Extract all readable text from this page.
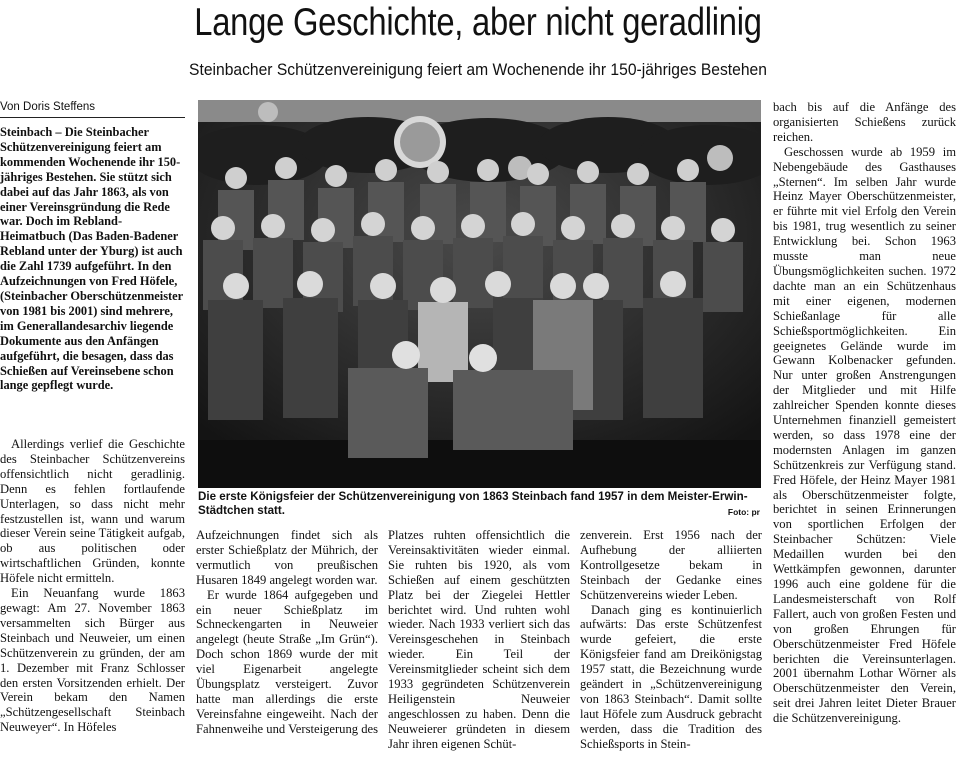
Lange Geschichte, aber nicht geradlinig
Steinbacher Schützenvereinigung feiert am Wochenende ihr 150-jähriges Bestehen
Von Doris Steffens
Steinbach – Die Steinbacher Schützenvereinigung feiert am kommenden Wochenende ihr 150-jähriges Bestehen. Sie stützt sich dabei auf das Jahr 1863, als von einer Vereinsgründung die Rede war. Doch im Rebland-Heimatbuch (Das Baden-Badener Rebland unter der Yburg) ist auch die Zahl 1739 aufgeführt. In den Aufzeichnungen von Fred Höfele, (Steinbacher Oberschützenmeister von 1981 bis 2001) sind mehrere, im Generallandesarchiv liegende Dokumente aus den Anfängen aufgeführt, die besagen, dass das Schießen auf Vereinsebene schon lange gepflegt wurde.

Allerdings verlief die Geschichte des Steinbacher Schützenvereins offensichtlich nicht geradlinig. Denn es fehlen fortlaufende Unterlagen, so dass nicht mehr festzustellen ist, wann und warum dieser Verein seine Tätigkeit aufgab, ob aus politischen oder wirtschaftlichen Gründen, konnte Höfele nicht ermitteln.

Ein Neuanfang wurde 1863 gewagt: Am 27. November 1863 versammelten sich Bürger aus Steinbach und Neuweier, um einen Schützenverein zu gründen, der am 1. Dezember mit Franz Schlosser den ersten Vorsitzenden erhielt. Der Verein bekam den Namen „Schützengesellschaft Steinbach Neuweyer“. In Höfeles

Die erste Königsfeier der Schützenvereinigung von 1863 Steinbach fand 1957 in dem Meister-Erwin-Städtchen statt.	Foto: pr

Aufzeichnungen findet sich als erster Schießplatz der Mührich, der vermutlich von preußischen Husaren 1849 angelegt worden war.

Er wurde 1864 aufgegeben und ein neuer Schießplatz im Schneckengarten in Neuweier angelegt (heute Straße „Im Grün“). Doch schon 1869 wurde der mit viel Eigenarbeit angelegte Übungsplatz versteigert. Zuvor hatte man allerdings die erste Vereinsfahne eingeweiht. Nach der Fahnenweihe und Versteigerung des

Platzes ruhten offensichtlich die Vereinsaktivitäten wieder einmal. Sie ruhten bis 1920, als vom Schießen auf einem geschützten Platz bei der Ziegelei Hettler berichtet wird. Und ruhten wohl wieder. Nach 1933 verliert sich das Vereinsgeschehen in Steinbach wieder. Ein Teil der Vereinsmitglieder scheint sich dem 1933 gegründeten Schützenverein Heiligenstein Neuweier angeschlossen zu haben. Denn die Neuweierer gründeten in diesem Jahr ihren eigenen Schüt-

zenverein. Erst 1956 nach der Aufhebung der alliierten Kontrollgesetze bekam in Steinbach der Gedanke eines Schützenvereins wieder Leben.

Danach ging es kontinuierlich aufwärts: Das erste Schützenfest wurde gefeiert, die erste Königsfeier fand am Dreikönigstag 1957 statt, die Bezeichnung wurde geändert in „Schützenvereinigung von 1863 Steinbach“. Damit sollte laut Höfele zum Ausdruck gebracht werden, dass die Tradition des Schießsports in Stein-

bach bis auf die Anfänge des organisierten Schießens zurück reichen.

Geschossen wurde ab 1959 im Nebengebäude des Gasthauses „Sternen“. Im selben Jahr wurde Heinz Mayer Oberschützenmeister, er führte mit viel Erfolg den Verein bis 1981, trug wesentlich zu seiner Entwicklung bei. Schon 1963 musste man neue Übungsmöglichkeiten suchen. 1972 dachte man an ein Schützenhaus mit einer eigenen, modernen Schießanlage für alle Schießsportmöglichkeiten. Ein geeignetes Gelände wurde im Gewann Kolbenacker gefunden. Nur unter großen Anstrengungen der Mitglieder und mit Hilfe zahlreicher Spenden konnte dieses Unternehmen finanziell gemeistert werden, so dass 1978 eine der modernsten Anlagen im ganzen Schützenkreis zur Verfügung stand. Fred Höfele, der Heinz Mayer 1981 als Oberschützenmeister folgte, berichtet in seinen Erinnerungen von sportlichen Erfolgen der Steinbacher Schützen: Viele Medaillen wurden bei den Wettkämpfen gewonnen, darunter 1996 auch eine goldene für die Landesmeisterschaft von Rolf Fallert, auch von großen Festen und von großen Ehrungen für Oberschützenmeister Fred Höfele berichten die Vereinsunterlagen. 2001 übernahm Lothar Wörner als Oberschützenmeister den Verein, seit drei Jahren leitet Dieter Brauer die Schützenvereinigung.
